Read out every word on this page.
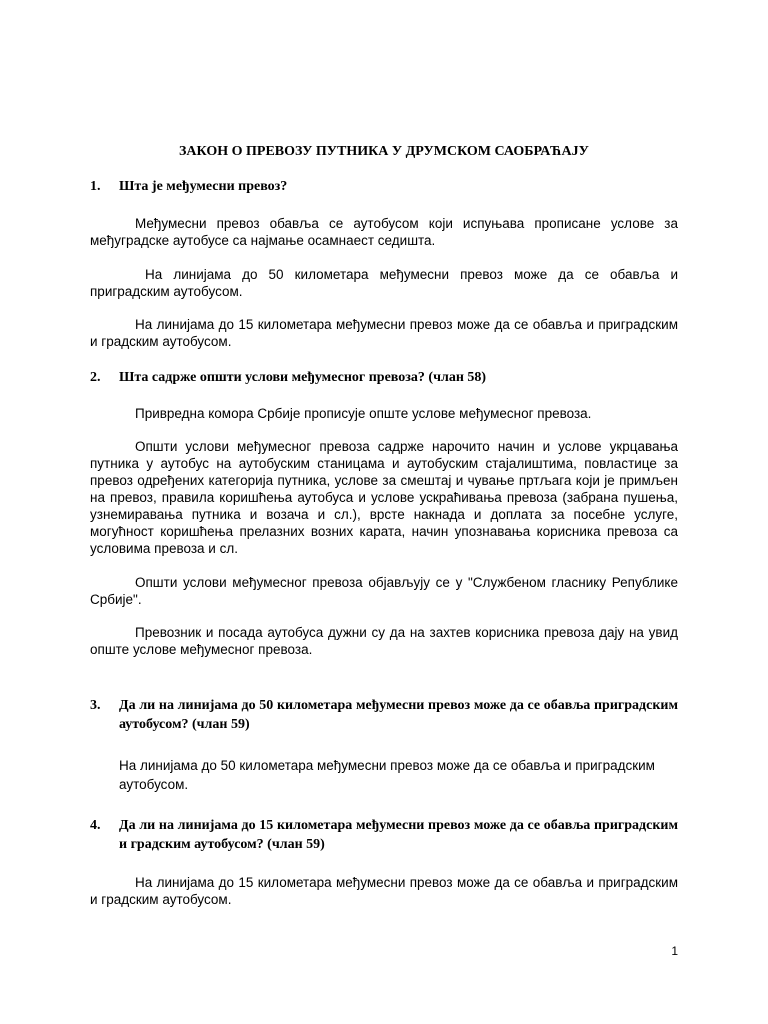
ЗАКОН О ПРЕВОЗУ ПУТНИКА У ДРУМСКОМ САОБРАЋАЈУ
1. Шта је међумесни превоз?

Међумесни превоз обавља се аутобусом који испуњава прописане услове за међуградске аутобусе са најмање осамнаест седишта.

На линијама до 50 километара међумесни превоз може да се обавља и приградским аутобусом.

На линијама до 15 километара међумесни превоз може да се обавља и приградским и градским аутобусом.

2. Шта садрже општи услови међумесног превоза? (члан 58)

Привредна комора Србије прописује опште услове међумесног превоза.

Општи услови међумесног превоза садрже нарочито начин и услове укрцавања путника у аутобус на аутобуским станицама и аутобуским стајалиштима, повластице за превоз одређених категорија путника, услове за смештај и чување пртљага који је примљен на превоз, правила коришћења аутобуса и услове ускраћивања превоза (забрана пушења, узнемиравања путника и возача и сл.), врсте накнада и доплата за посебне услуге, могућност коришћења прелазних возних карата, начин упознавања корисника превоза са условима превоза и сл.

Општи услови међумесног превоза објављују се у "Службеном гласнику Републике Србије".

Превозник и посада аутобуса дужни су да на захтев корисника превоза дају на увид опште услове међумесног превоза.

3. Да ли на линијама до 50 километара међумесни превоз може да се обавља приградским аутобусом? (члан 59)

На линијама до 50 километара међумесни превоз може да се обавља и приградским аутобусом.

4. Да ли на линијама до 15 километара међумесни превоз може да се обавља приградским и градским аутобусом? (члан 59)

На линијама до 15 километара међумесни превоз може да се обавља и приградским и градским аутобусом.

1
